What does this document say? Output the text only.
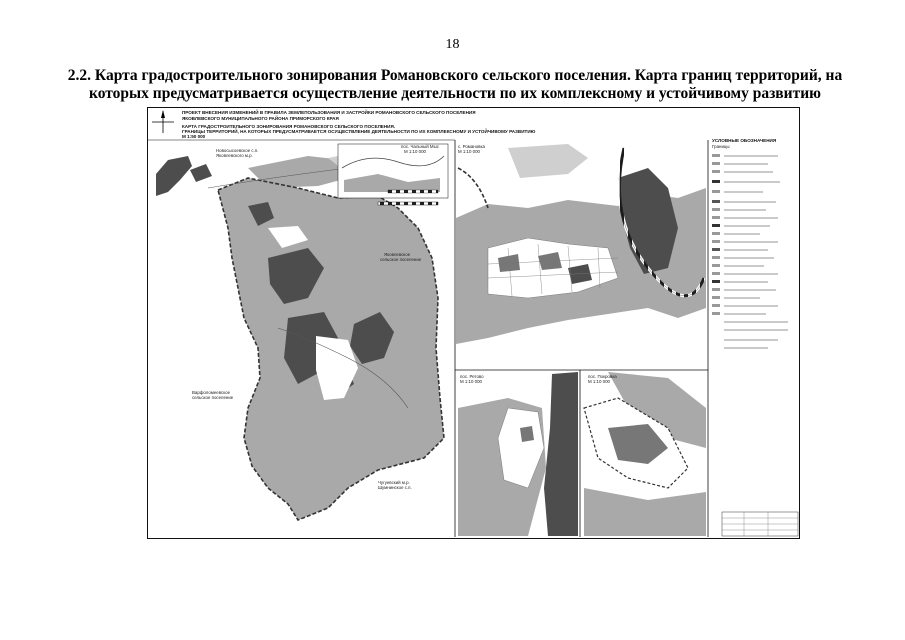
18
2.2. Карта градостроительного зонирования Романовского сельского поселения. Карта границ территорий, на которых предусматривается осуществление деятельности по их комплексному и устойчивому развитию
ПРОЕКТ ВНЕСЕНИЯ ИЗМЕНЕНИЙ В ПРАВИЛА ЗЕМЛЕПОЛЬЗОВАНИЯ И ЗАСТРОЙКИ РОМАНОВСКОГО СЕЛЬСКОГО ПОСЕЛЕНИЯ
ЯКОВЛЕВСКОГО МУНИЦИПАЛЬНОГО РАЙОНА ПРИМОРСКОГО КРАЯ
КАРТА ГРАДОСТРОИТЕЛЬНОГО ЗОНИРОВАНИЯ РОМАНОВСКОГО СЕЛЬСКОГО ПОСЕЛЕНИЯ.
ГРАНИЦЫ ТЕРРИТОРИЙ, НА КОТОРЫХ ПРЕДУСМАТРИВАЕТСЯ ОСУЩЕСТВЛЕНИЕ ДЕЯТЕЛЬНОСТИ ПО ИХ КОМПЛЕКСНОМУ И УСТОЙЧИВОМУ РАЗВИТИЮ
М 1:50 000
Новосысоевское с.п.
Яковлевского м.р.
Яковлевское
сельское поселение
Варфоломеевское
сельское поселение
Чугуевский м.р.
Шумнинское с.п.
пос. Чальный Мыс
М 1:10 000
с. Романовка
М 1:10 000
пос. Ретово
М 1:10 000
пос. Покровка
М 1:10 000
УСЛОВНЫЕ ОБОЗНАЧЕНИЯ
Границы
